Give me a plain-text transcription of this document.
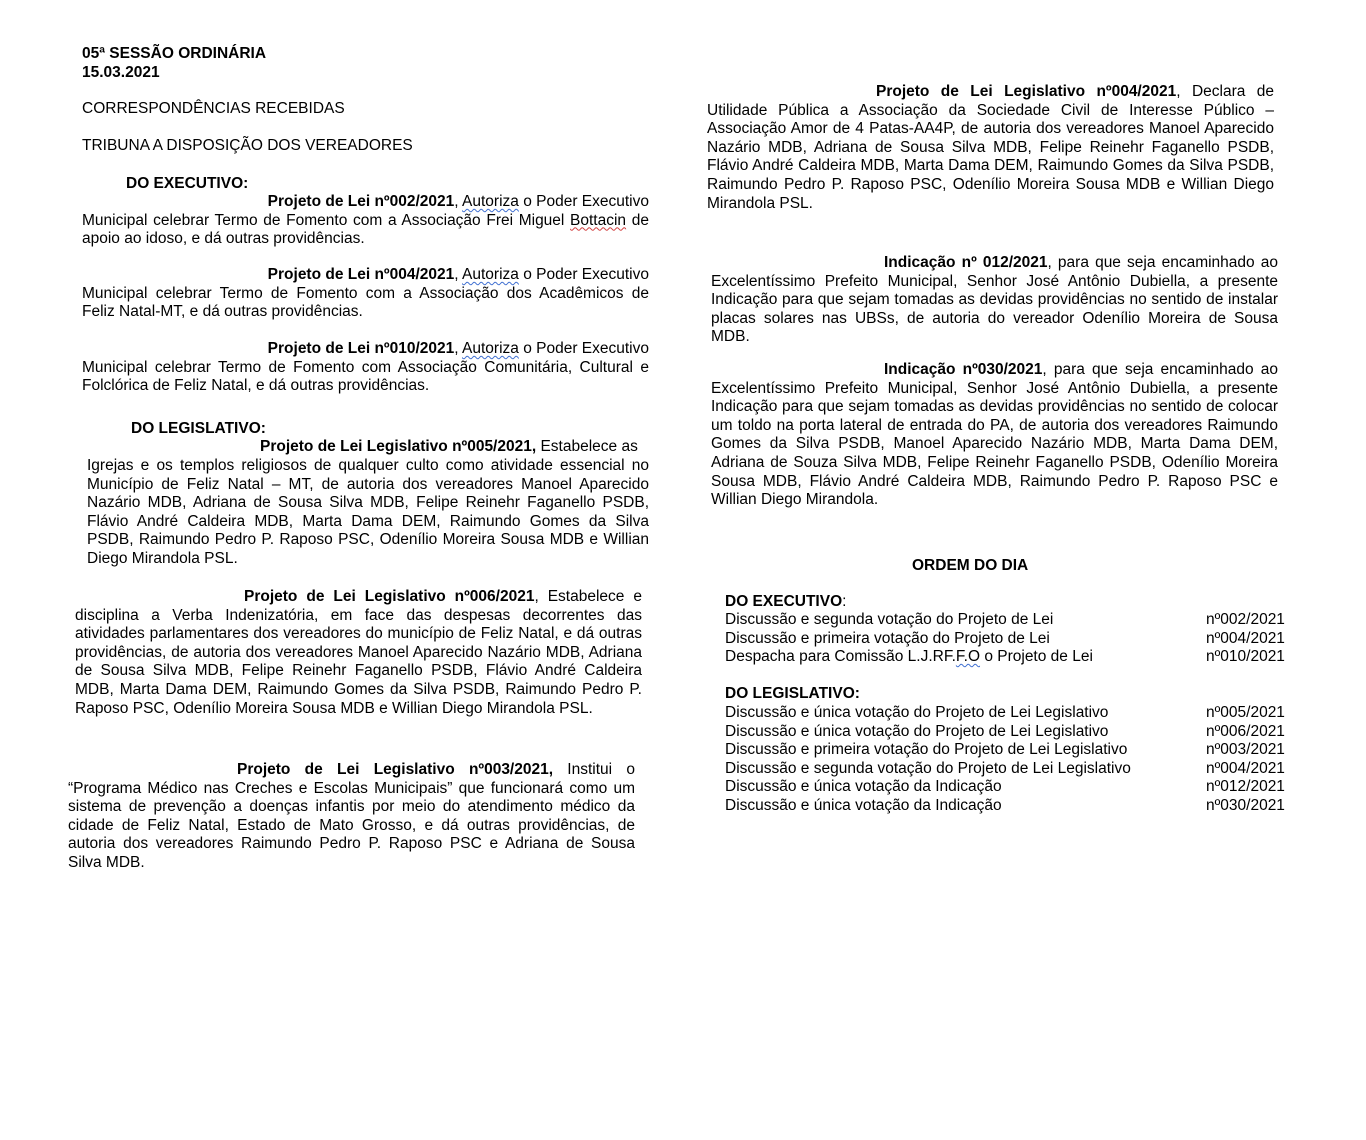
05ª SESSÃO ORDINÁRIA
15.03.2021
CORRESPONDÊNCIAS RECEBIDAS
TRIBUNA A DISPOSIÇÃO DOS VEREADORES
DO EXECUTIVO:
Projeto de Lei nº002/2021, Autoriza o Poder Executivo
Municipal celebrar Termo de Fomento com a Associação Frei Miguel Bottacin de
apoio ao idoso, e dá outras providências.
Projeto de Lei nº004/2021, Autoriza o Poder Executivo
Municipal celebrar Termo de Fomento com a Associação dos Acadêmicos de
Feliz Natal-MT, e dá outras providências.
Projeto de Lei nº010/2021, Autoriza o Poder Executivo
Municipal celebrar Termo de Fomento com Associação Comunitária, Cultural e
Folclórica de Feliz Natal, e dá outras providências.
DO LEGISLATIVO:
Projeto de Lei Legislativo nº005/2021, Estabelece as
Igrejas e os templos religiosos de qualquer culto como atividade essencial no
Município de Feliz Natal – MT, de autoria dos vereadores Manoel Aparecido
Nazário MDB, Adriana de Sousa Silva MDB, Felipe Reinehr Faganello PSDB,
Flávio André Caldeira MDB, Marta Dama DEM, Raimundo Gomes da Silva
PSDB, Raimundo Pedro P. Raposo PSC, Odenílio Moreira Sousa MDB e Willian
Diego Mirandola PSL.
Projeto de Lei Legislativo nº006/2021, Estabelece e disciplina a Verba Indenizatória, em face das despesas decorrentes das atividades parlamentares dos vereadores do município de Feliz Natal, e dá outras providências, de autoria dos vereadores Manoel Aparecido Nazário MDB, Adriana de Sousa Silva MDB, Felipe Reinehr Faganello PSDB, Flávio André Caldeira MDB, Marta Dama DEM, Raimundo Gomes da Silva PSDB, Raimundo Pedro P. Raposo PSC, Odenílio Moreira Sousa MDB e Willian Diego Mirandola PSL.
Projeto de Lei Legislativo nº003/2021, Institui o “Programa Médico nas Creches e Escolas Municipais” que funcionará como um sistema de prevenção a doenças infantis por meio do atendimento médico da cidade de Feliz Natal, Estado de Mato Grosso, e dá outras providências, de autoria dos vereadores Raimundo Pedro P. Raposo PSC e Adriana de Sousa Silva MDB.
Projeto de Lei Legislativo nº004/2021, Declara de Utilidade Pública a Associação da Sociedade Civil de Interesse Público – Associação Amor de 4 Patas-AA4P, de autoria dos vereadores Manoel Aparecido Nazário MDB, Adriana de Sousa Silva MDB, Felipe Reinehr Faganello PSDB, Flávio André Caldeira MDB, Marta Dama DEM, Raimundo Gomes da Silva PSDB, Raimundo Pedro P. Raposo PSC, Odenílio Moreira Sousa MDB e Willian Diego Mirandola PSL.
Indicação nº 012/2021, para que seja encaminhado ao Excelentíssimo Prefeito Municipal, Senhor José Antônio Dubiella, a presente Indicação para que sejam tomadas as devidas providências no sentido de instalar placas solares nas UBSs, de autoria do vereador Odenílio Moreira de Sousa MDB.
Indicação nº030/2021, para que seja encaminhado ao Excelentíssimo Prefeito Municipal, Senhor José Antônio Dubiella, a presente Indicação para que sejam tomadas as devidas providências no sentido de colocar um toldo na porta lateral de entrada do PA, de autoria dos vereadores Raimundo Gomes da Silva PSDB, Manoel Aparecido Nazário MDB, Marta Dama DEM, Adriana de Souza Silva MDB, Felipe Reinehr Faganello PSDB, Odenílio Moreira Sousa MDB, Flávio André Caldeira MDB, Raimundo Pedro P. Raposo PSC e Willian Diego Mirandola.
ORDEM DO DIA
DO EXECUTIVO:
Discussão e segunda votação do Projeto de Lei	nº002/2021
Discussão e primeira votação do Projeto de Lei	nº004/2021
Despacha para Comissão L.J.RF.F.O o Projeto de Lei	nº010/2021
DO LEGISLATIVO:
Discussão e única votação do Projeto de Lei Legislativo	nº005/2021
Discussão e única votação do Projeto de Lei Legislativo	nº006/2021
Discussão e primeira votação do Projeto de Lei Legislativo	nº003/2021
Discussão e segunda votação do Projeto de Lei Legislativo	nº004/2021
Discussão e única votação da Indicação	nº012/2021
Discussão e única votação da Indicação	nº030/2021
